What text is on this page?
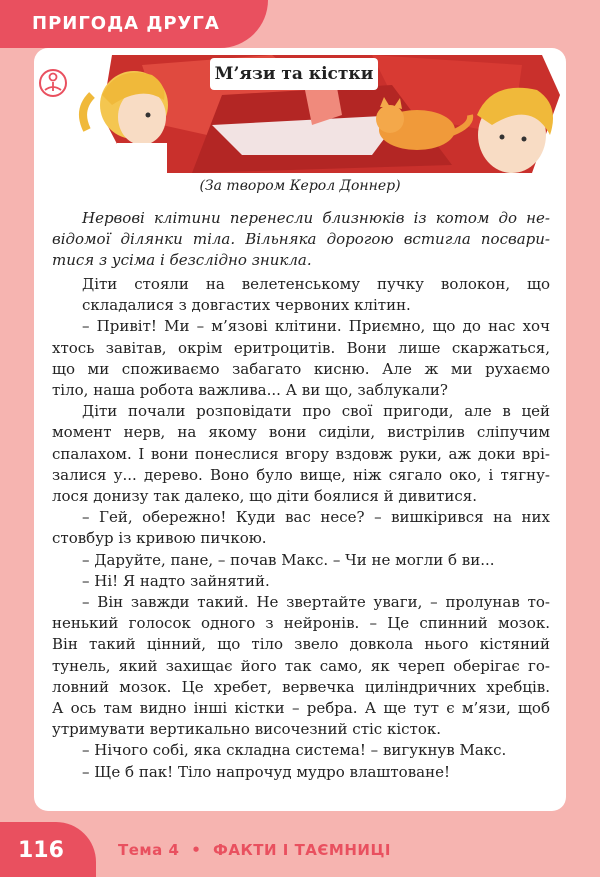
ПРИГОДА ДРУГА
М’язи та кістки
(За твором Керол Доннер)
Нервові клітини перенесли близнюків із котом до не-
відомої ділянки тіла. Вільняка дорогою встигла посвари-
тися з усіма і безслідно зникла.
Діти стояли на велетенському пучку волокон, що
складалися з довгастих червоних клітин.
– Привіт! Ми – м’язові клітини. Приємно, що до нас хоч
хтось завітав, окрім еритроцитів. Вони лише скаржаться,
що ми споживаємо забагато кисню. Але ж ми рухаємо
тіло, наша робота важлива... А ви що, заблукали?
Діти почали розповідати про свої пригоди, але в цей
момент нерв, на якому вони сиділи, вистрілив сліпучим
спалахом. І вони понеслися вгору вздовж руки, аж доки врі-
залися у... дерево. Воно було вище, ніж сягало око, і тягну-
лося донизу так далеко, що діти боялися й дивитися.
– Гей, обережно! Куди вас несе? – вишкірився на них
стовбур із кривою пичкою.
– Даруйте, пане, – почав Макс. – Чи не могли б ви...
– Ні! Я надто зайнятий.
– Він завжди такий. Не звертайте уваги, – пролунав то-
ненький голосок одного з нейронів. – Це спинний мозок.
Він такий цінний, що тіло звело довкола нього кістяний
тунель, який захищає його так само, як череп оберігає го-
ловний мозок. Це хребет, вервечка циліндричних хребців.
А ось там видно інші кістки – ребра. А ще тут є м’язи, щоб
утримувати вертикально височезний стіс кісток.
– Нічого собі, яка складна система! – вигукнув Макс.
– Ще б пак! Тіло напрочуд мудро влаштоване!
116	Тема 4 • ФАКТИ І ТАЄМНИЦІ
